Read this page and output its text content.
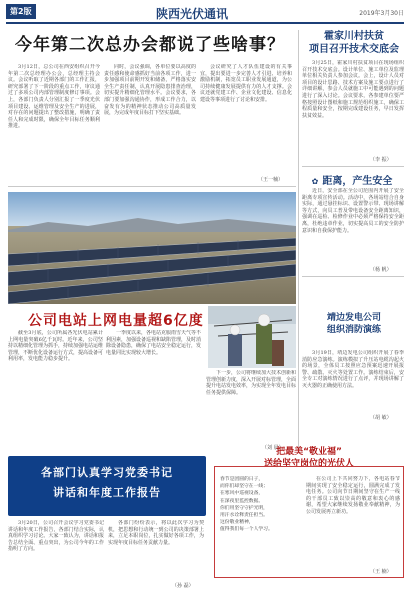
第2版	陕西光伏通讯	2019年3月30日
今年第二次总办会都说了些啥事？

3月12日，总公司在西安组织召开今年第二次总经理办公会，总经理主持会议。会议听取了近期各部门的工作汇报，研究部署了下一阶段的重点工作，审议通过了多项公司内部管理制度修订事项。会上，各部门负责人分别汇报了一季度光伏项目建设、运维管理及安全生产的进展，对存在的问题提出了整改措施，明确了责任人和完成时限，确保全年目标任务顺利推进。

同时，会议强调，各单位要以高度的责任感和使命感抓好当前各项工作，进一步加强项目前期开发和储备，严格落实安全生产责任制，认真开展隐患排查治理，切实提升精细化管理水平。会议要求，各部门要加强沟通协作，形成工作合力，以奋发有为的精神状态推动公司高质量发展，为完成年度目标打下坚实基础。

会议研究了人才队伍建设的有关事宜，提出要进一步完善人才引进、培养和激励机制，拓宽员工职业发展通道，为公司持续健康发展提供有力的人才支撑。会议还就党建工作、企业文化建设、信息化建设等事项进行了讨论和安排。

（王一楠）
霍家川村扶贫
项目召开技术交底会

3月25日，霍家川村扶贫项目在现场组织召开技术交底会。设计单位、施工单位及监理单位相关负责人参加会议。会上，设计人员对项目的设计思路、技术方案及施工要点进行了详细讲解，参会人员就施工中可能遇到的问题进行了深入讨论。会议要求，各参建单位要严格按照设计图纸和施工规范组织施工，确保工程质量和安全，按期完成建设任务，早日发挥扶贫效益。

（李 振）
✿ 距离，产生安全

近日，安全部在全公司范围内开展了安全距离专项宣传活动。活动中，各场站结合自身实际，通过悬挂标识、设置警示带、现场讲解等方式，向员工普及带电设备安全距离知识，强调在巡检、检修作业中必须严格保持安全距离，杜绝违章作业，切实提高员工的安全防护意识和自我保护能力。

（杨 帆）
靖边发电公司
组织消防演练

3月19日，靖边发电公司组织开展了春季消防应急演练。演练模拟了升压站电缆沟起火的场景，全体员工按照应急预案迅速开展报警、疏散、灭火等处置工作。演练结束后，安全专工对演练情况进行了点评，并现场讲解了灭火器的正确使用方法。

（胡 敏）
公司电站上网电量超6亿度

截至3月底，公司所属各光伏电站累计上网电量突破6亿千瓦时。近年来，公司坚持以精细化管理为抓手，持续加强电站运维管理，不断优化设备运行方式，提高设备可利用率，发电能力稳步提升。

一季度以来，各电站克服雨雪天气等不利因素，加强设备巡视和缺陷管理，及时消除设备隐患，确保了电站安全稳定运行，发电量同比实现较大增长。

下一步，公司将继续加大技术创新和管理创新力度，深入开展对标管理，全面提升电站发电效率，为实现全年发电目标任务提供保障。

（刘 晨）
各部门认真学习党委书记
讲话和年度工作报告

3月20日，公司召开会议学习党委书记讲话和年度工作报告，各部门结合实际，认真组织学习讨论。大家一致认为，讲话和报告总结全面、重点突出，为公司今年的工作指明了方向。

各部门纷纷表示，将以此次学习为契机，把思想和行动统一到公司的决策部署上来，立足本职岗位，扎实做好各项工作，为实现年度目标任务贡献力量。

（孙 磊）
把最美“敬业福”
送给坚守岗位的光伏人
春节是团圆的日子，
而你们却坚守在一线；
在寒风中巡视设备，
在深夜里监控数据。
你们用坚守守护光明，
用汗水诠释责任担当。
这份敬业精神，
值得我们每一个人学习。

在公司上下共同努力下，各电站春节期间实现了安全稳定运行，圆满完成了发电任务。公司向节日期间坚守在生产一线的干部员工致以崇高的敬意和衷心的感谢，希望大家继续发扬敬业奉献精神，为公司发展再立新功。

（王 楠）
